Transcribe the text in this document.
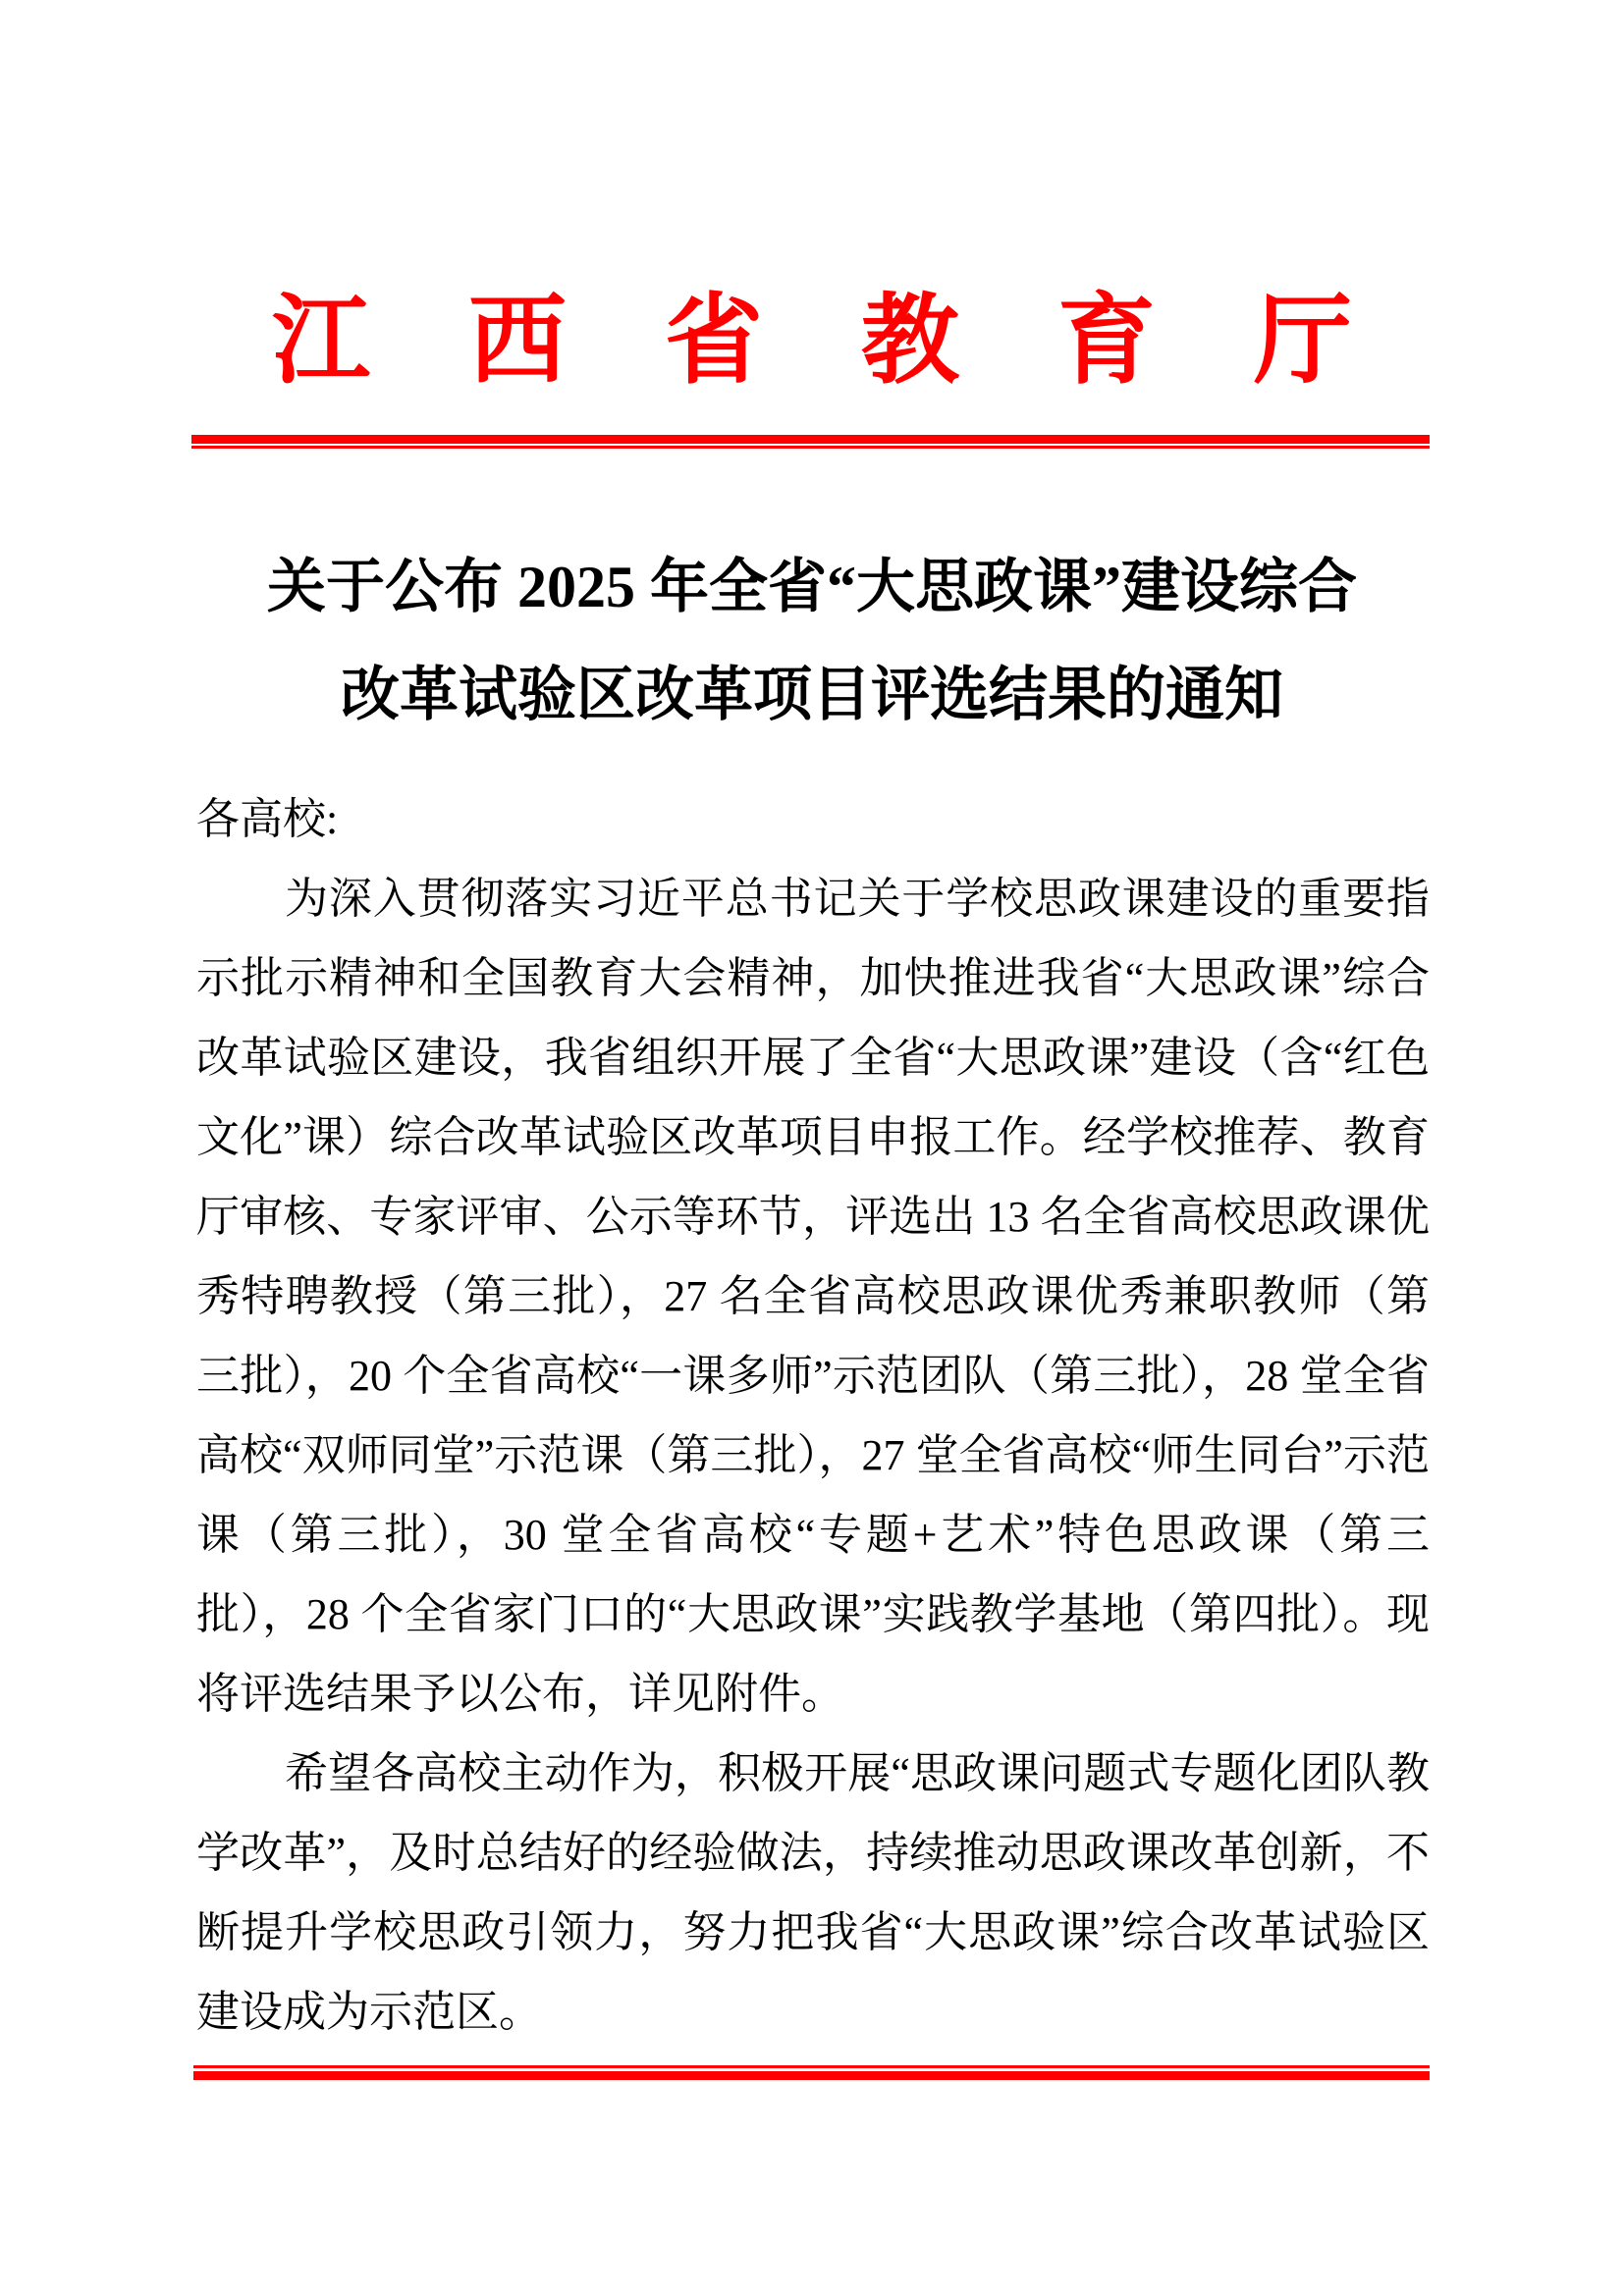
江西省教育厅
关于公布 2025 年全省“大思政课”建设综合
改革试验区改革项目评选结果的通知

各高校:

为深入贯彻落实习近平总书记关于学校思政课建设的重要指示批示精神和全国教育大会精神，加快推进我省“大思政课”综合改革试验区建设，我省组织开展了全省“大思政课”建设（含“红色文化”课）综合改革试验区改革项目申报工作。经学校推荐、教育厅审核、专家评审、公示等环节，评选出 13 名全省高校思政课优秀特聘教授（第三批），27 名全省高校思政课优秀兼职教师（第三批），20 个全省高校“一课多师”示范团队（第三批），28 堂全省高校“双师同堂”示范课（第三批），27 堂全省高校“师生同台”示范课（第三批），30 堂全省高校“专题+艺术”特色思政课（第三批），28 个全省家门口的“大思政课”实践教学基地（第四批）。现将评选结果予以公布，详见附件。

希望各高校主动作为，积极开展“思政课问题式专题化团队教学改革”，及时总结好的经验做法，持续推动思政课改革创新，不断提升学校思政引领力，努力把我省“大思政课”综合改革试验区建设成为示范区。
